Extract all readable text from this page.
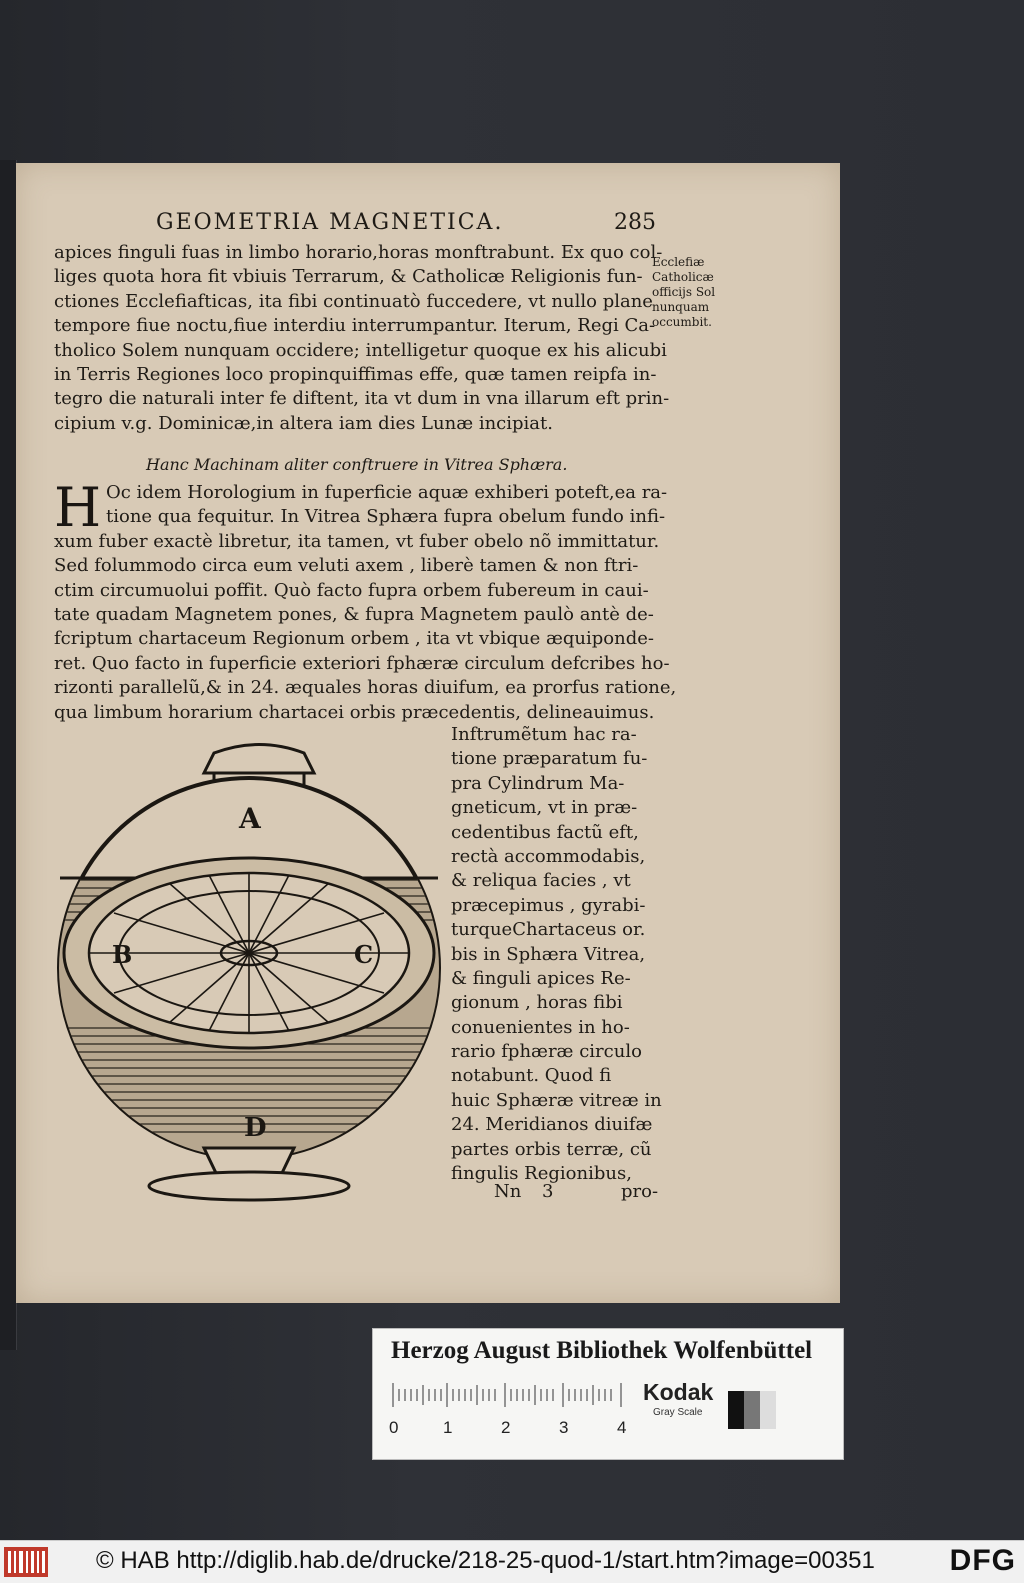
GEOMETRIA MAGNETICA.	285
apices finguli fuas in limbo horario,horas monftrabunt. Ex quo col-
liges quota hora fit vbiuis Terrarum, & Catholicæ Religionis fun-
ctiones Ecclefiafticas, ita fibi continuatò fuccedere, vt nullo plane
tempore fiue noctu,fiue interdiu interrumpantur. Iterum, Regi Ca-
tholico Solem nunquam occidere; intelligetur quoque ex his alicubi
in Terris Regiones loco propinquiffimas effe, quæ tamen reipfa in-
tegro die naturali inter fe diftent, ita vt dum in vna illarum eft prin-
cipium v.g. Dominicæ,in altera iam dies Lunæ incipiat.
Ecclefiæ
Catholicæ
officijs Sol
nunquam
occumbit.
Hanc Machinam aliter conftruere in Vitrea Sphæra.
H Oc idem Horologium in fuperficie aquæ exhiberi poteft,ea ra-
tione qua fequitur. In Vitrea Sphæra fupra obelum fundo infi-
xum fuber exactè libretur, ita tamen, vt fuber obelo nõ immittatur.
Sed folummodo circa eum veluti axem , liberè tamen & non ftri-
ctim circumuolui poffit. Quò facto fupra orbem fubereum in caui-
tate quadam Magnetem pones, & fupra Magnetem paulò antè de-
fcriptum chartaceum Regionum orbem , ita vt vbique æquiponde-
ret. Quo facto in fuperficie exteriori fphæræ circulum defcribes ho-
rizonti parallelũ,& in 24. æquales horas diuifum, ea prorfus ratione,
qua limbum horarium chartacei orbis præcedentis, delineauimus.
A
B	C
D
Inftrumẽtum hac ra-
tione præparatum fu-
pra Cylindrum Ma-
gneticum, vt in præ-
cedentibus factũ eft,
rectà accommodabis,
& reliqua facies , vt
præcepimus , gyrabi-
turqueChartaceus or.
bis in Sphæra Vitrea,
& finguli apices Re-
gionum , horas fibi
conuenientes in ho-
rario fphæræ circulo
notabunt. Quod fi
huic Sphæræ vitreæ in
24. Meridianos diuifæ
partes orbis terræ, cũ
fingulis Regionibus,
Nn 3	pro-
Herzog August Bibliothek Wolfenbüttel
0	1	2	3	4
Kodak
Gray Scale
© HAB http://diglib.hab.de/drucke/218-25-quod-1/start.htm?image=00351 DFG
